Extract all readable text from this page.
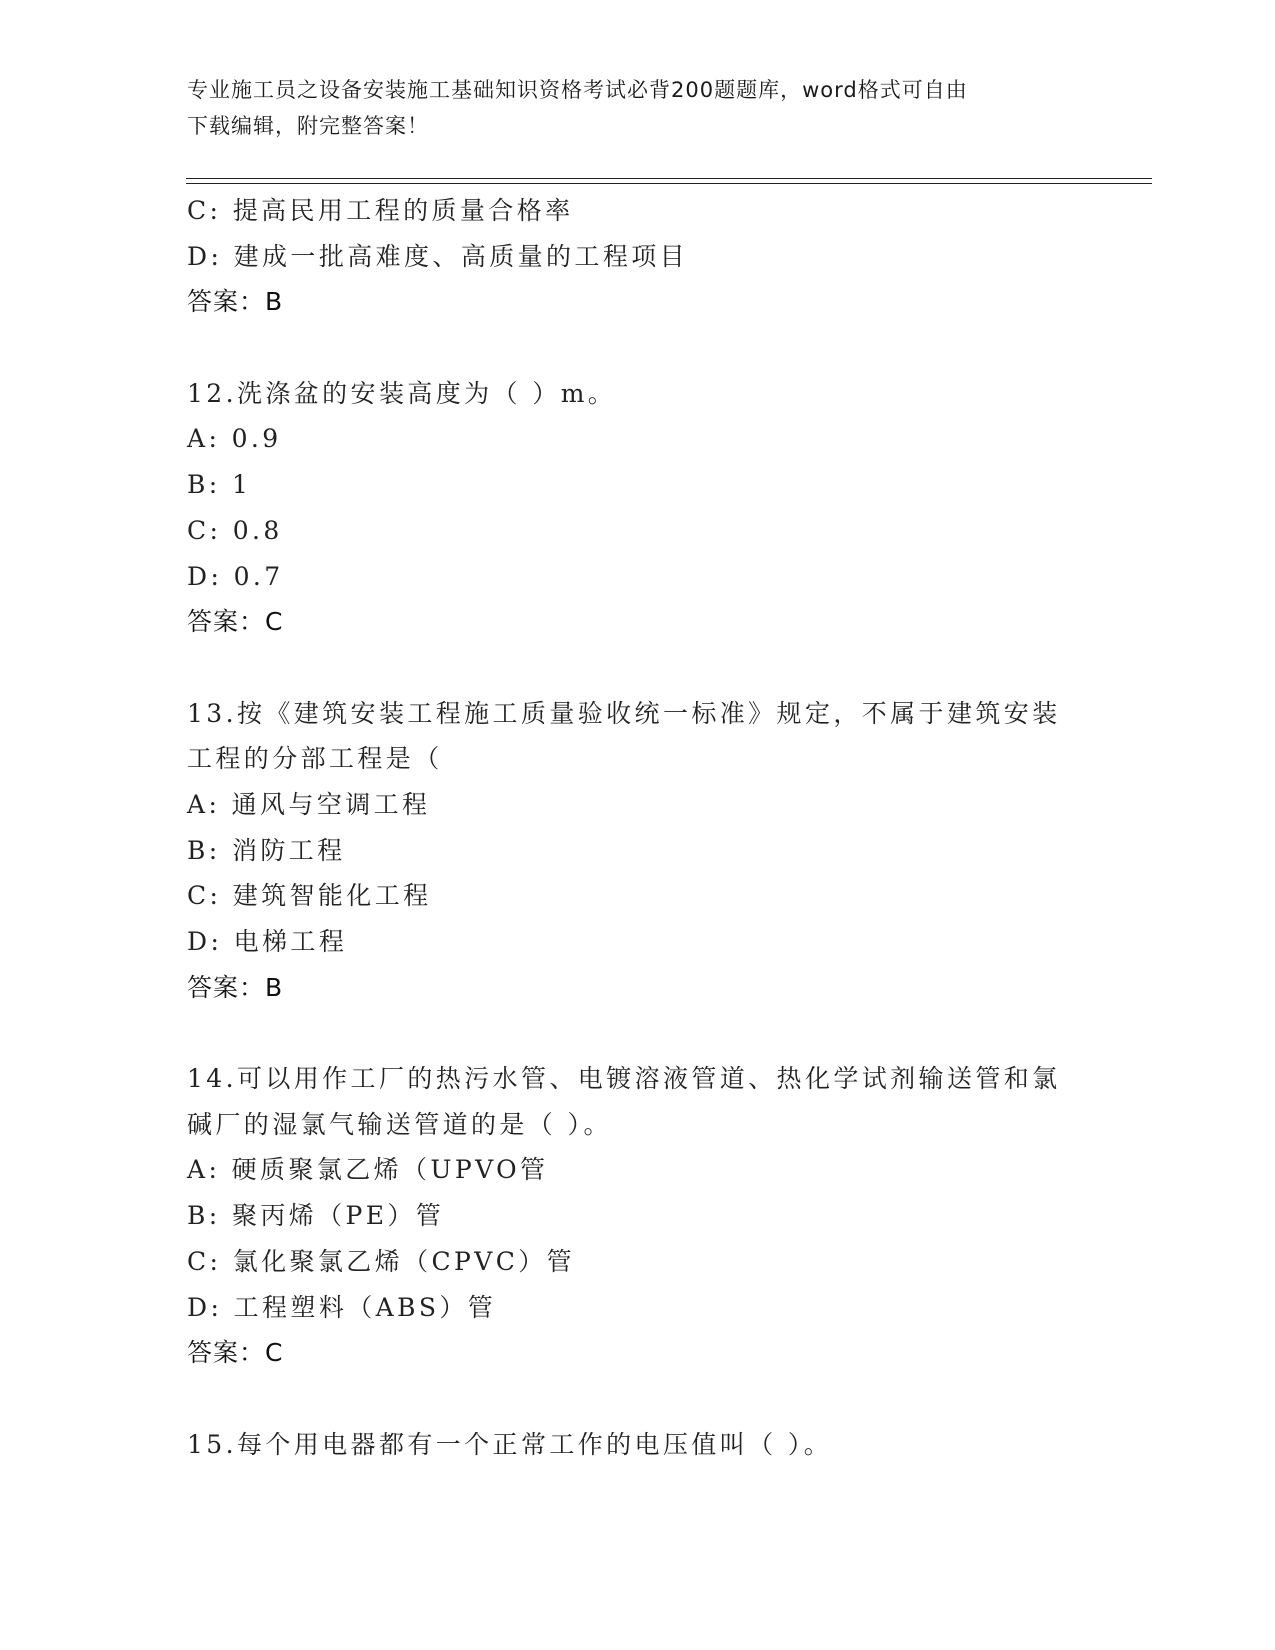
专业施工员之设备安装施工基础知识资格考试必背200题题库，word格式可自由
下载编辑，附完整答案！
C: 提高民用工程的质量合格率
D: 建成一批高难度、高质量的工程项目
答案：B
12.洗涤盆的安装高度为（ ）m。
A: 0.9
B: 1
C: 0.8
D: 0.7
答案：C
13.按《建筑安装工程施工质量验收统一标准》规定，不属于建筑安装
工程的分部工程是（
A: 通风与空调工程
B: 消防工程
C: 建筑智能化工程
D: 电梯工程
答案：B
14.可以用作工厂的热污水管、电镀溶液管道、热化学试剂输送管和氯
碱厂的湿氯气输送管道的是（ ）。
A: 硬质聚氯乙烯（UPVO管
B: 聚丙烯（PE）管
C: 氯化聚氯乙烯（CPVC）管
D: 工程塑料（ABS）管
答案：C
15.每个用电器都有一个正常工作的电压值叫（ ）。
